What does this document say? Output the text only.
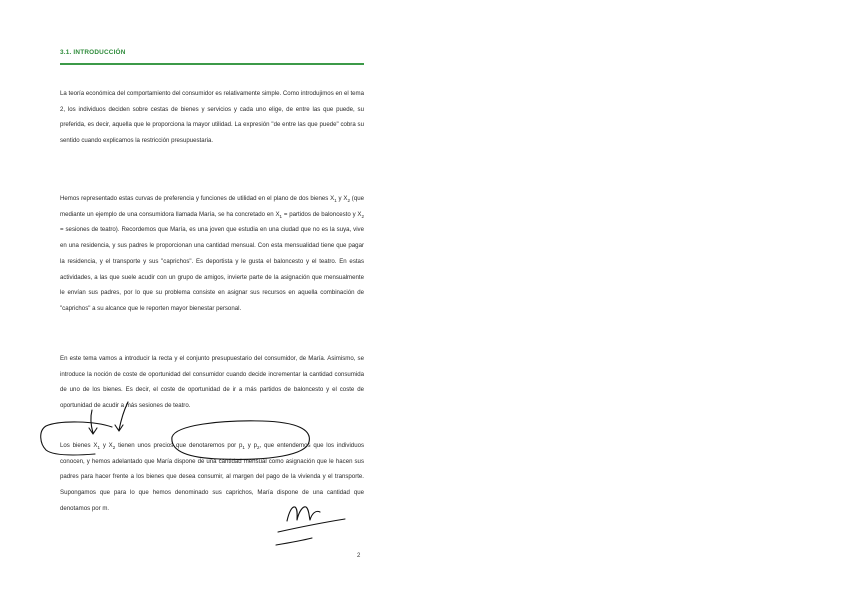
3.1. INTRODUCCIÓN
La teoría económica del comportamiento del consumidor es relativamente simple. Como introdujimos en el tema 2, los individuos deciden sobre cestas de bienes y servicios y cada uno elige, de entre las que puede, su preferida, es decir, aquella que le proporciona la mayor utilidad. La expresión "de entre las que puede" cobra su sentido cuando explicamos la restricción presupuestaria.
Hemos representado estas curvas de preferencia y funciones de utilidad en el plano de dos bienes $X_1$ y $X_2$ (que mediante un ejemplo de una consumidora llamada María, se ha concretado en $X_1$ = partidos de baloncesto y $X_2$ = sesiones de teatro). Recordemos que María, es una joven que estudia en una ciudad que no es la suya, vive en una residencia, y sus padres le proporcionan una cantidad mensual. Con esta mensualidad tiene que pagar la residencia, y el transporte y sus "caprichos". Es deportista y le gusta el baloncesto y el teatro. En estas actividades, a las que suele acudir con un grupo de amigos, invierte parte de la asignación que mensualmente le envían sus padres, por lo que su problema consiste en asignar sus recursos en aquella combinación de "caprichos" a su alcance que le reporten mayor bienestar personal.
En este tema vamos a introducir la recta y el conjunto presupuestario del consumidor, de María. Asimismo, se introduce la noción de coste de oportunidad del consumidor cuando decide incrementar la cantidad consumida de uno de los bienes. Es decir, el coste de oportunidad de ir a más partidos de baloncesto y el coste de oportunidad de acudir a más sesiones de teatro.
Los bienes $X_1$ y $X_2$ tienen unos precios que denotaremos por $p_1$ y $p_2$, que entendemos que los individuos conocen, y hemos adelantado que María dispone de una cantidad mensual como asignación que le hacen sus padres para hacer frente a los bienes que desea consumir, al margen del pago de la vivienda y el transporte. Supongamos que para lo que hemos denominado sus caprichos, María dispone de una cantidad que denotamos por m.
2
